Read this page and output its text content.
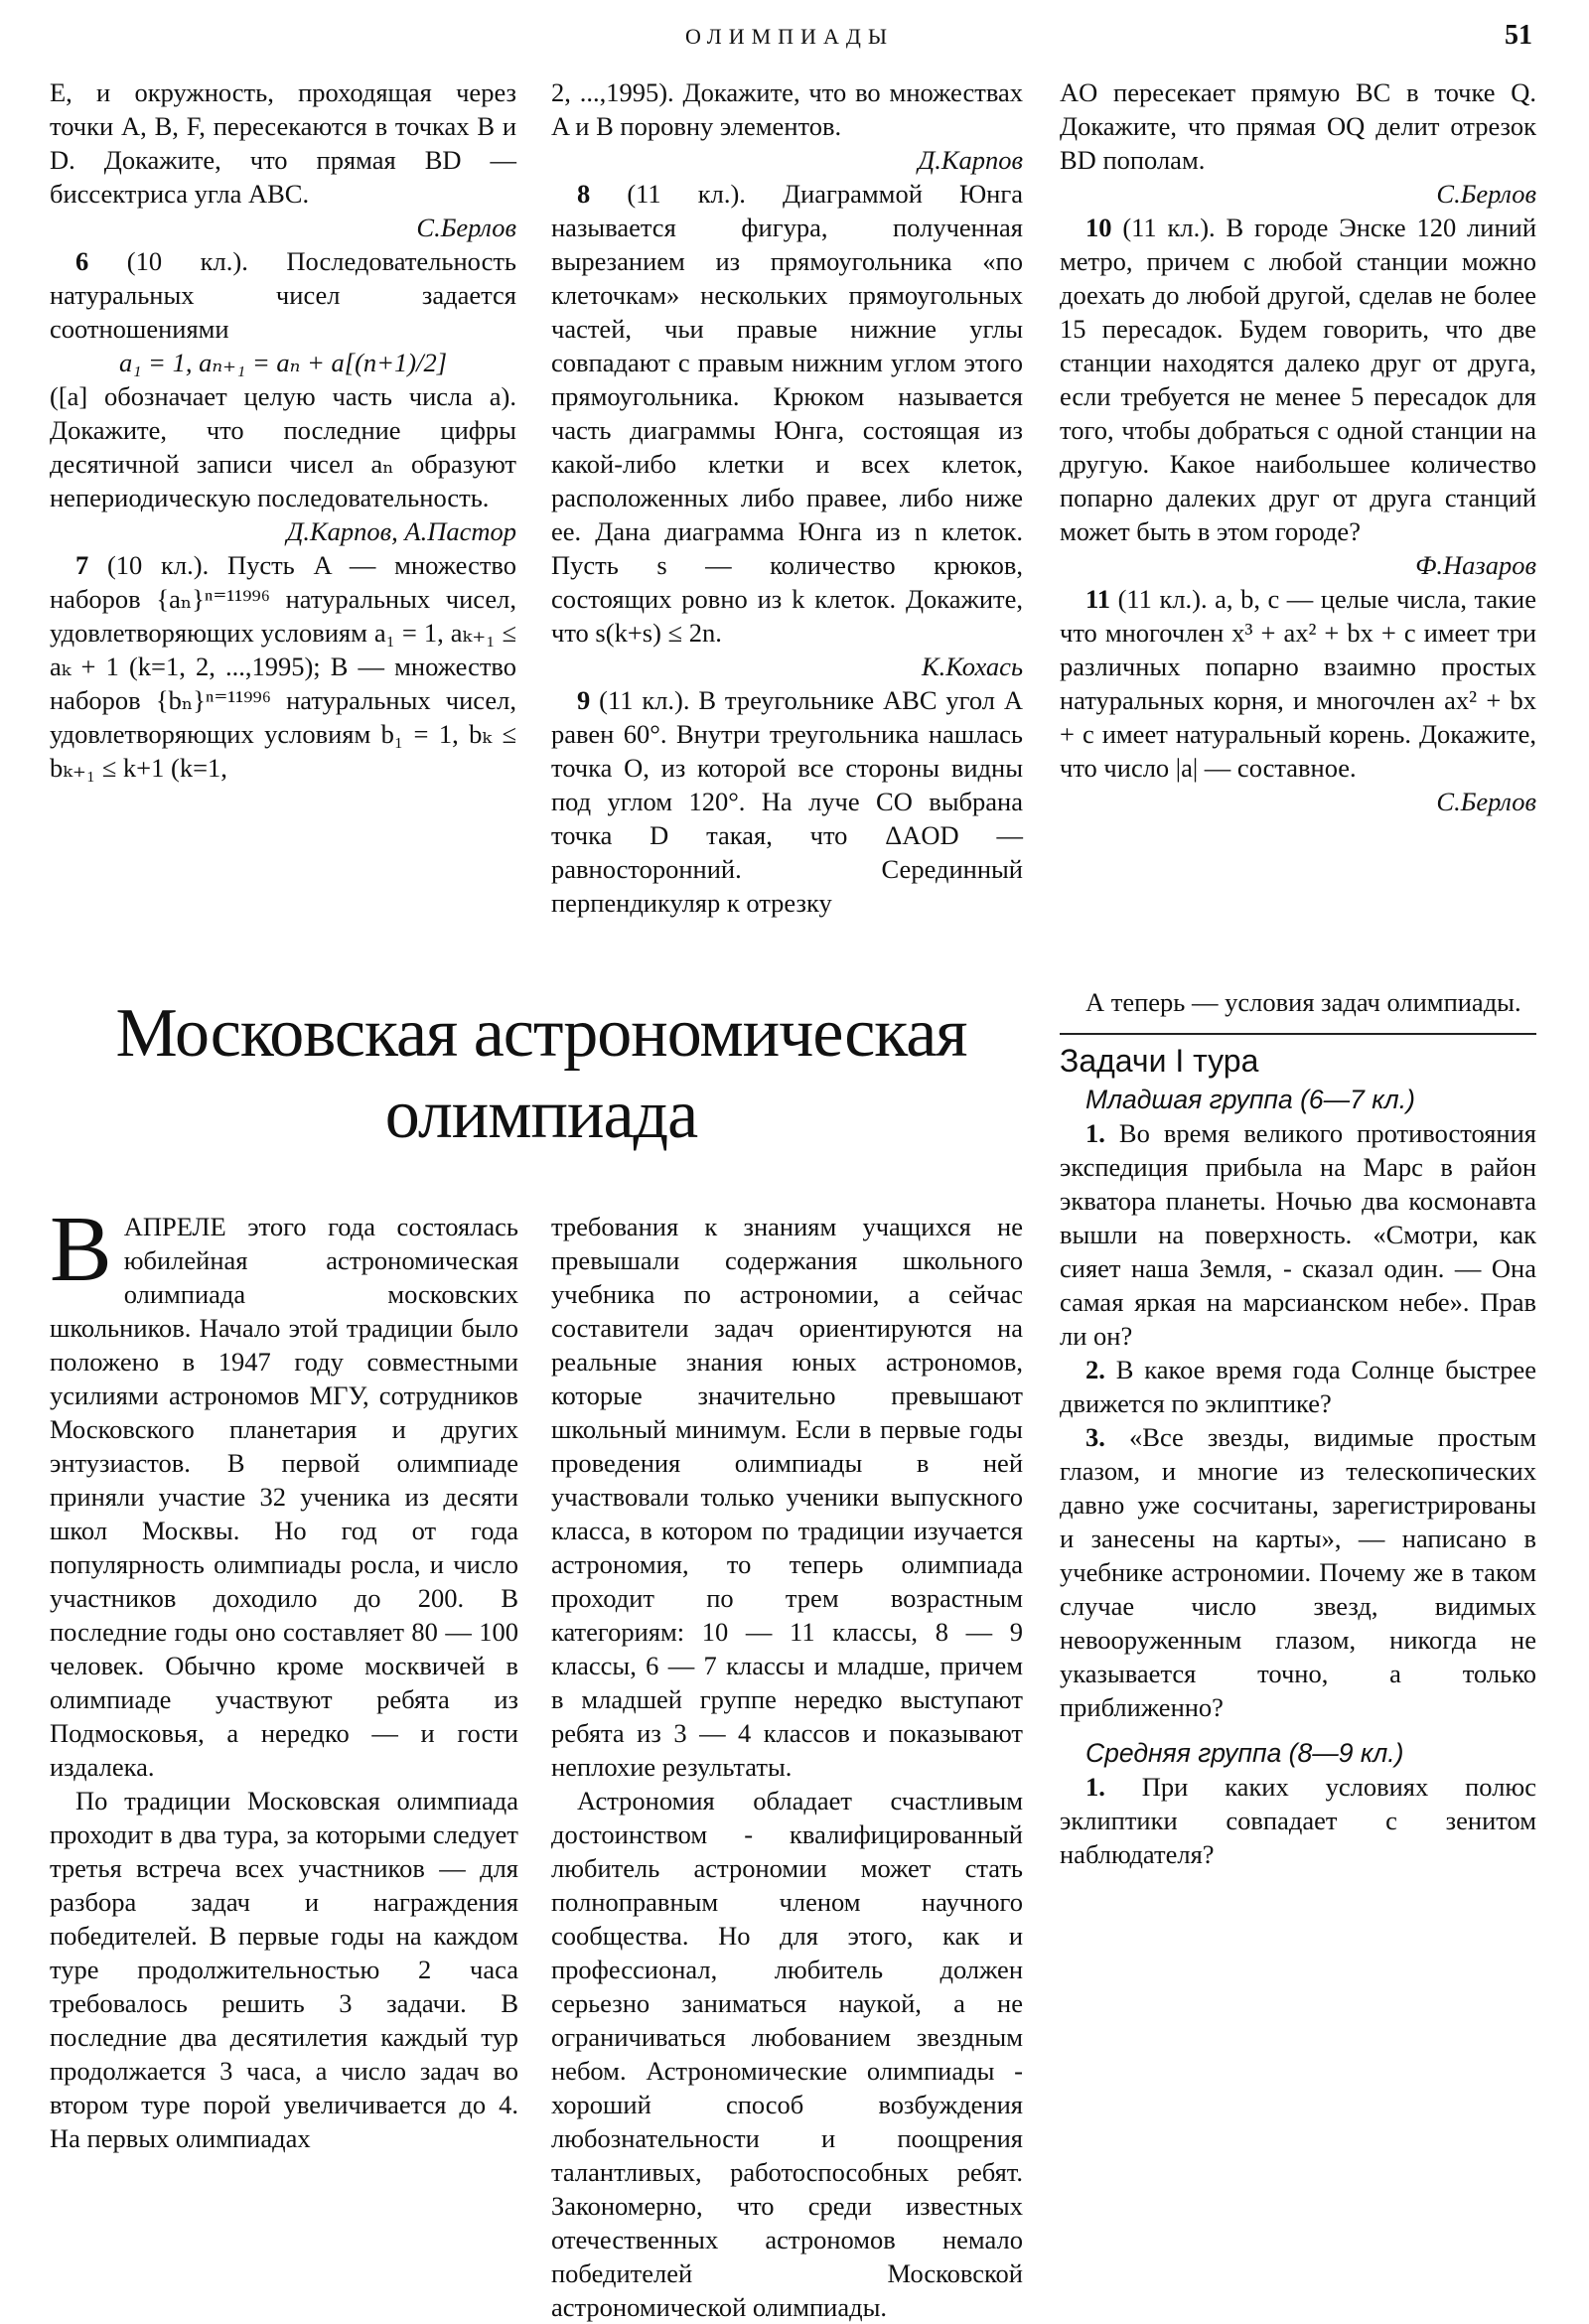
ОЛИМПИАДЫ	51

E, и окружность, проходящая через точки A, B, F, пересекаются в точках B и D. Докажите, что прямая BD — биссектриса угла ABC.

С.Берлов

6 (10 кл.). Последовательность натуральных чисел задается соотношениями

a₁ = 1, aₙ₊₁ = aₙ + a[(n+1)/2]

([a] обозначает целую часть числа a). Докажите, что последние цифры десятичной записи чисел aₙ образуют непериодическую последовательность.

Д.Карпов, А.Пастор

7 (10 кл.). Пусть A — множество наборов {aₙ}ⁿ⁼¹¹⁹⁹⁶ натуральных чисел, удовлетворяющих условиям a₁ = 1, aₖ₊₁ ≤ aₖ + 1 (k=1, 2, ...,1995); B — множество наборов {bₙ}ⁿ⁼¹¹⁹⁹⁶ натуральных чисел, удовлетворяющих условиям b₁ = 1, bₖ ≤ bₖ₊₁ ≤ k+1 (k=1,

2, ...,1995). Докажите, что во множествах A и B поровну элементов.

Д.Карпов

8 (11 кл.). Диаграммой Юнга называется фигура, полученная вырезанием из прямоугольника «по клеточкам» нескольких прямоугольных частей, чьи правые нижние углы совпадают с правым нижним углом этого прямоугольника. Крюком называется часть диаграммы Юнга, состоящая из какой-либо клетки и всех клеток, расположенных либо правее, либо ниже ее. Дана диаграмма Юнга из n клеток. Пусть s — количество крюков, состоящих ровно из k клеток. Докажите, что s(k+s) ≤ 2n.

К.Кохась

9 (11 кл.). В треугольнике ABC угол A равен 60°. Внутри треугольника нашлась точка O, из которой все стороны видны под углом 120°. На луче CO выбрана точка D такая, что ΔAOD — равносторонний. Серединный перпендикуляр к отрезку

AO пересекает прямую BC в точке Q. Докажите, что прямая OQ делит отрезок BD пополам.

С.Берлов

10 (11 кл.). В городе Энске 120 линий метро, причем с любой станции можно доехать до любой другой, сделав не более 15 пересадок. Будем говорить, что две станции находятся далеко друг от друга, если требуется не менее 5 пересадок для того, чтобы добраться с одной станции на другую. Какое наибольшее количество попарно далеких друг от друга станций может быть в этом городе?

Ф.Назаров

11 (11 кл.). a, b, c — целые числа, такие что многочлен x³ + ax² + bx + c имеет три различных попарно взаимно простых натуральных корня, и многочлен ax² + bx + c имеет натуральный корень. Докажите, что число |a| — составное.

С.Берлов

Московская астрономическая
олимпиада

ВАПРЕЛЕ этого года состоялась юбилейная астрономическая олимпиада московских школьников. Начало этой традиции было положено в 1947 году совместными усилиями астрономов МГУ, сотрудников Московского планетария и других энтузиастов. В первой олимпиаде приняли участие 32 ученика из десяти школ Москвы. Но год от года популярность олимпиады росла, и число участников доходило до 200. В последние годы оно составляет 80 — 100 человек. Обычно кроме москвичей в олимпиаде участвуют ребята из Подмосковья, а нередко — и гости издалека.

По традиции Московская олимпиада проходит в два тура, за которыми следует третья встреча всех участников — для разбора задач и награждения победителей. В первые годы на каждом туре продолжительностью 2 часа требовалось решить 3 задачи. В последние два десятилетия каждый тур продолжается 3 часа, а число задач во втором туре порой увеличивается до 4. На первых олимпиадах

требования к знаниям учащихся не превышали содержания школьного учебника по астрономии, а сейчас составители задач ориентируются на реальные знания юных астрономов, которые значительно превышают школьный минимум. Если в первые годы проведения олимпиады в ней участвовали только ученики выпускного класса, в котором по традиции изучается астрономия, то теперь олимпиада проходит по трем возрастным категориям: 10 — 11 классы, 8 — 9 классы, 6 — 7 классы и младше, причем в младшей группе нередко выступают ребята из 3 — 4 классов и показывают неплохие результаты.

Астрономия обладает счастливым достоинством - квалифицированный любитель астрономии может стать полноправным членом научного сообщества. Но для этого, как и профессионал, любитель должен серьезно заниматься наукой, а не ограничиваться любованием звездным небом. Астрономические олимпиады - хороший способ возбуждения любознательности и поощрения талантливых, работоспособных ребят. Закономерно, что среди известных отечественных астрономов немало победителей Московской астрономической олимпиады.

А теперь — условия задач олимпиады.

Задачи I тура

Младшая группа (6—7 кл.)

1. Во время великого противостояния экспедиция прибыла на Марс в район экватора планеты. Ночью два космонавта вышли на поверхность. «Смотри, как сияет наша Земля, - сказал один. — Она самая яркая на марсианском небе». Прав ли он?

2. В какое время года Солнце быстрее движется по эклиптике?

3. «Все звезды, видимые простым глазом, и многие из телескопических давно уже сосчитаны, зарегистрированы и занесены на карты», — написано в учебнике астрономии. Почему же в таком случае число звезд, видимых невооруженным глазом, никогда не указывается точно, а только приближенно?

Средняя группа (8—9 кл.)

1. При каких условиях полюс эклиптики совпадает с зенитом наблюдателя?
